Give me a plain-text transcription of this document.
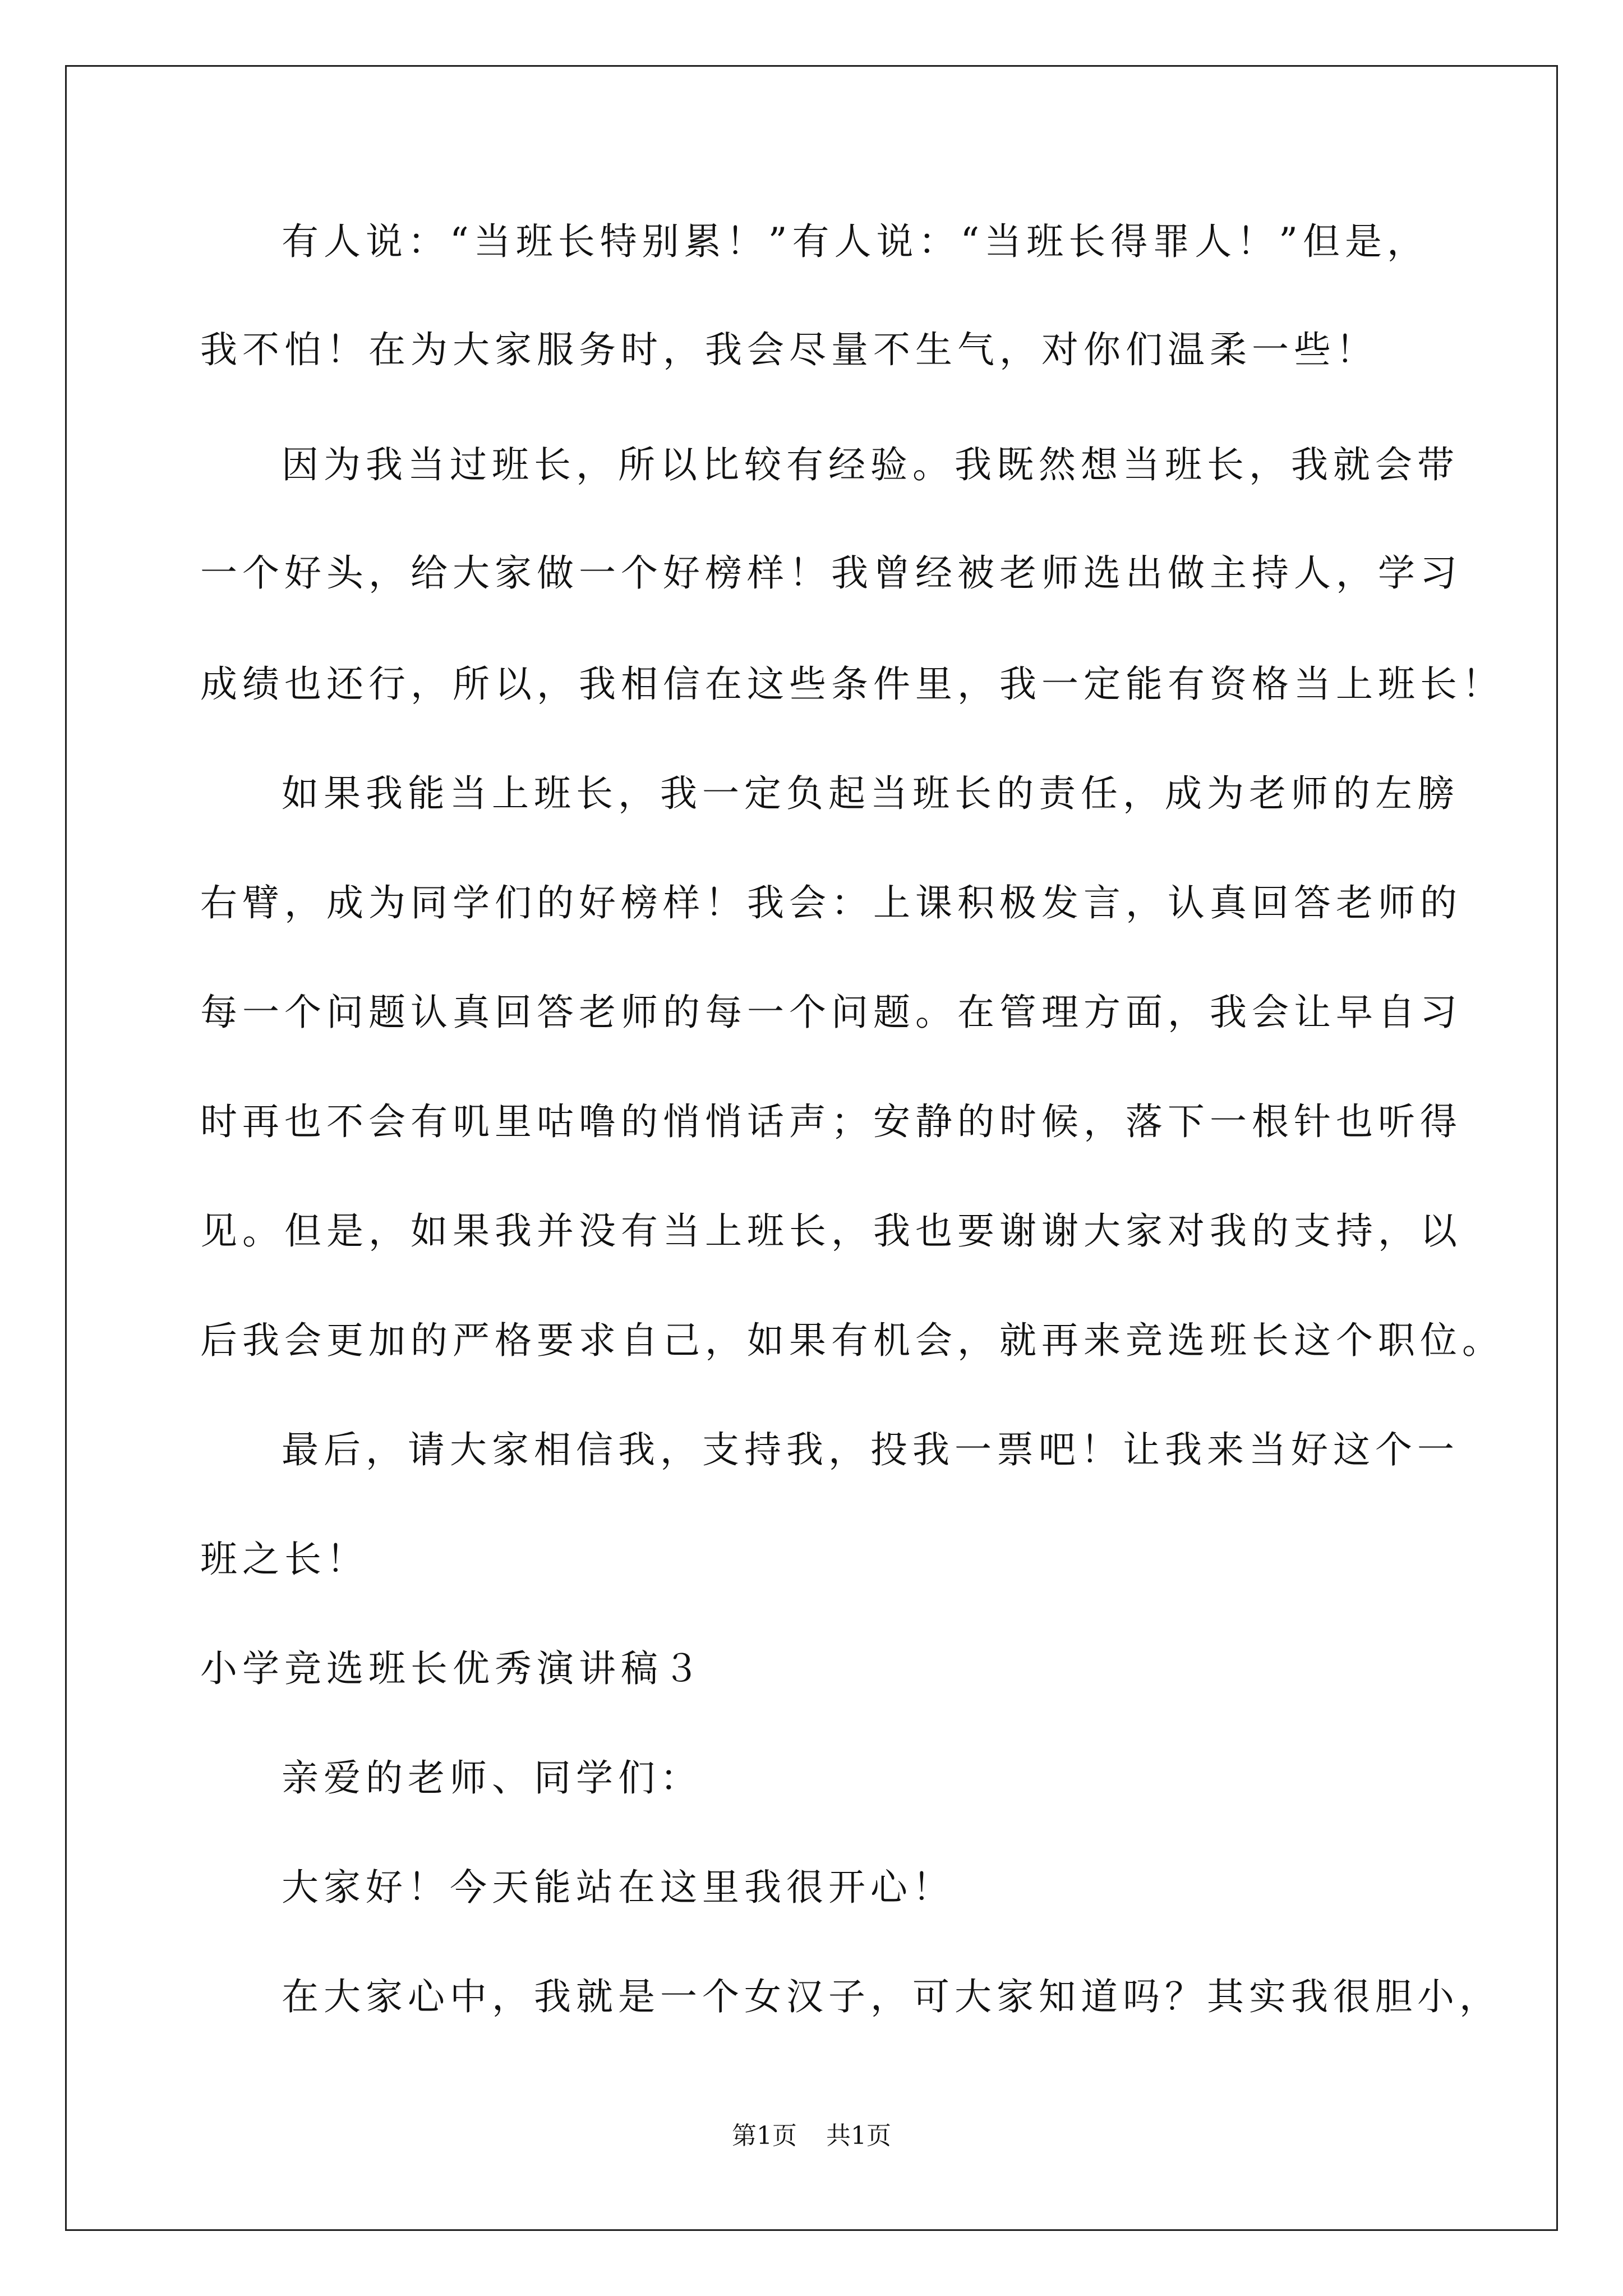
有人说：“当班长特别累！”有人说：“当班长得罪人！”但是，
我不怕！在为大家服务时，我会尽量不生气，对你们温柔一些！
因为我当过班长，所以比较有经验。我既然想当班长，我就会带
一个好头，给大家做一个好榜样！我曾经被老师选出做主持人，学习
成绩也还行，所以，我相信在这些条件里，我一定能有资格当上班长！
如果我能当上班长，我一定负起当班长的责任，成为老师的左膀
右臂，成为同学们的好榜样！我会：上课积极发言，认真回答老师的
每一个问题认真回答老师的每一个问题。在管理方面，我会让早自习
时再也不会有叽里咕噜的悄悄话声；安静的时候，落下一根针也听得
见。但是，如果我并没有当上班长，我也要谢谢大家对我的支持，以
后我会更加的严格要求自己，如果有机会，就再来竞选班长这个职位。
最后，请大家相信我，支持我，投我一票吧！让我来当好这个一
班之长！
小学竞选班长优秀演讲稿３
亲爱的老师、同学们：
大家好！今天能站在这里我很开心！
在大家心中，我就是一个女汉子，可大家知道吗？其实我很胆小，
第1页 共1页
